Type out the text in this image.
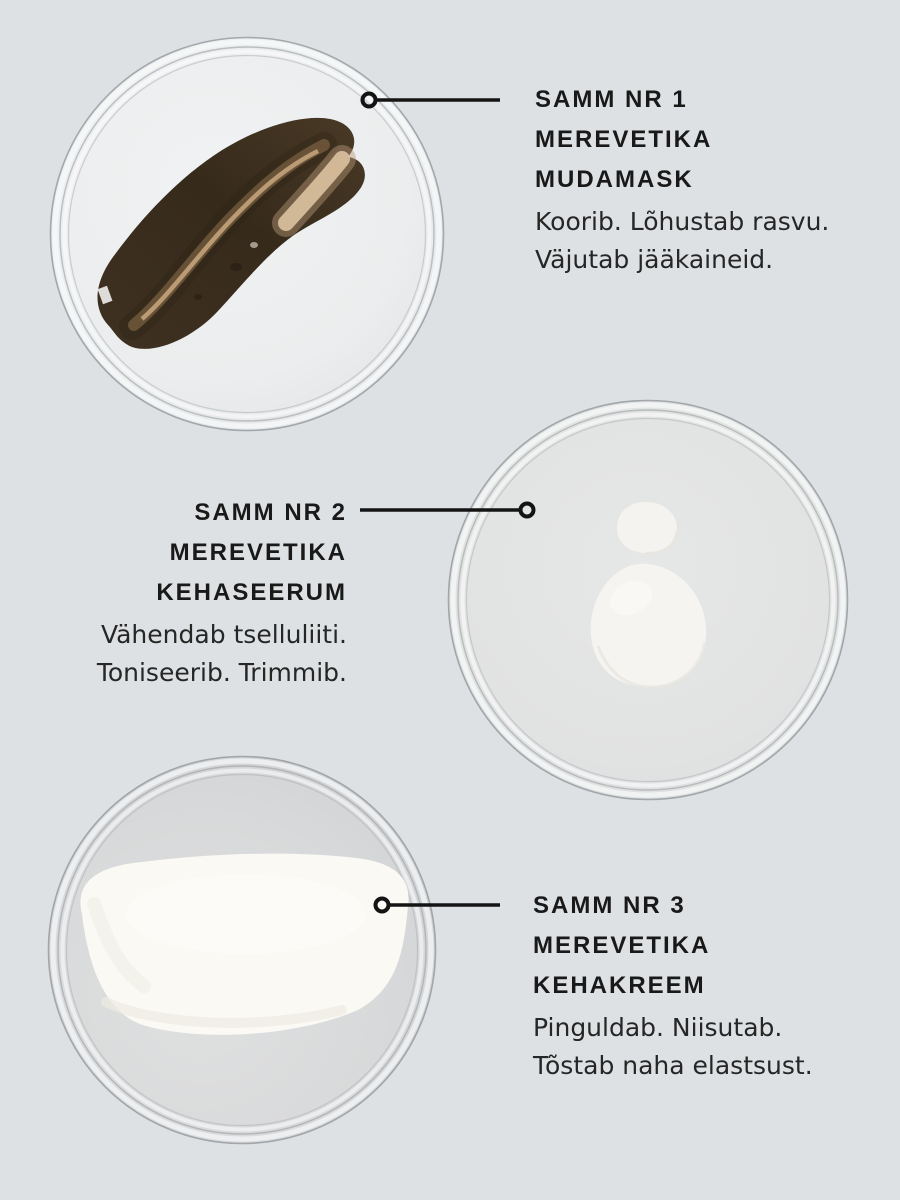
SAMM NR 1
MEREVETIKA
MUDAMASK
Koorib. Lõhustab rasvu.
Väjutab jääkaineid.
SAMM NR 2
MEREVETIKA
KEHASEERUM
Vähendab tselluliiti.
Toniseerib. Trimmib.
SAMM NR 3
MEREVETIKA
KEHAKREEM
Pinguldab. Niisutab.
Tõstab naha elastsust.
